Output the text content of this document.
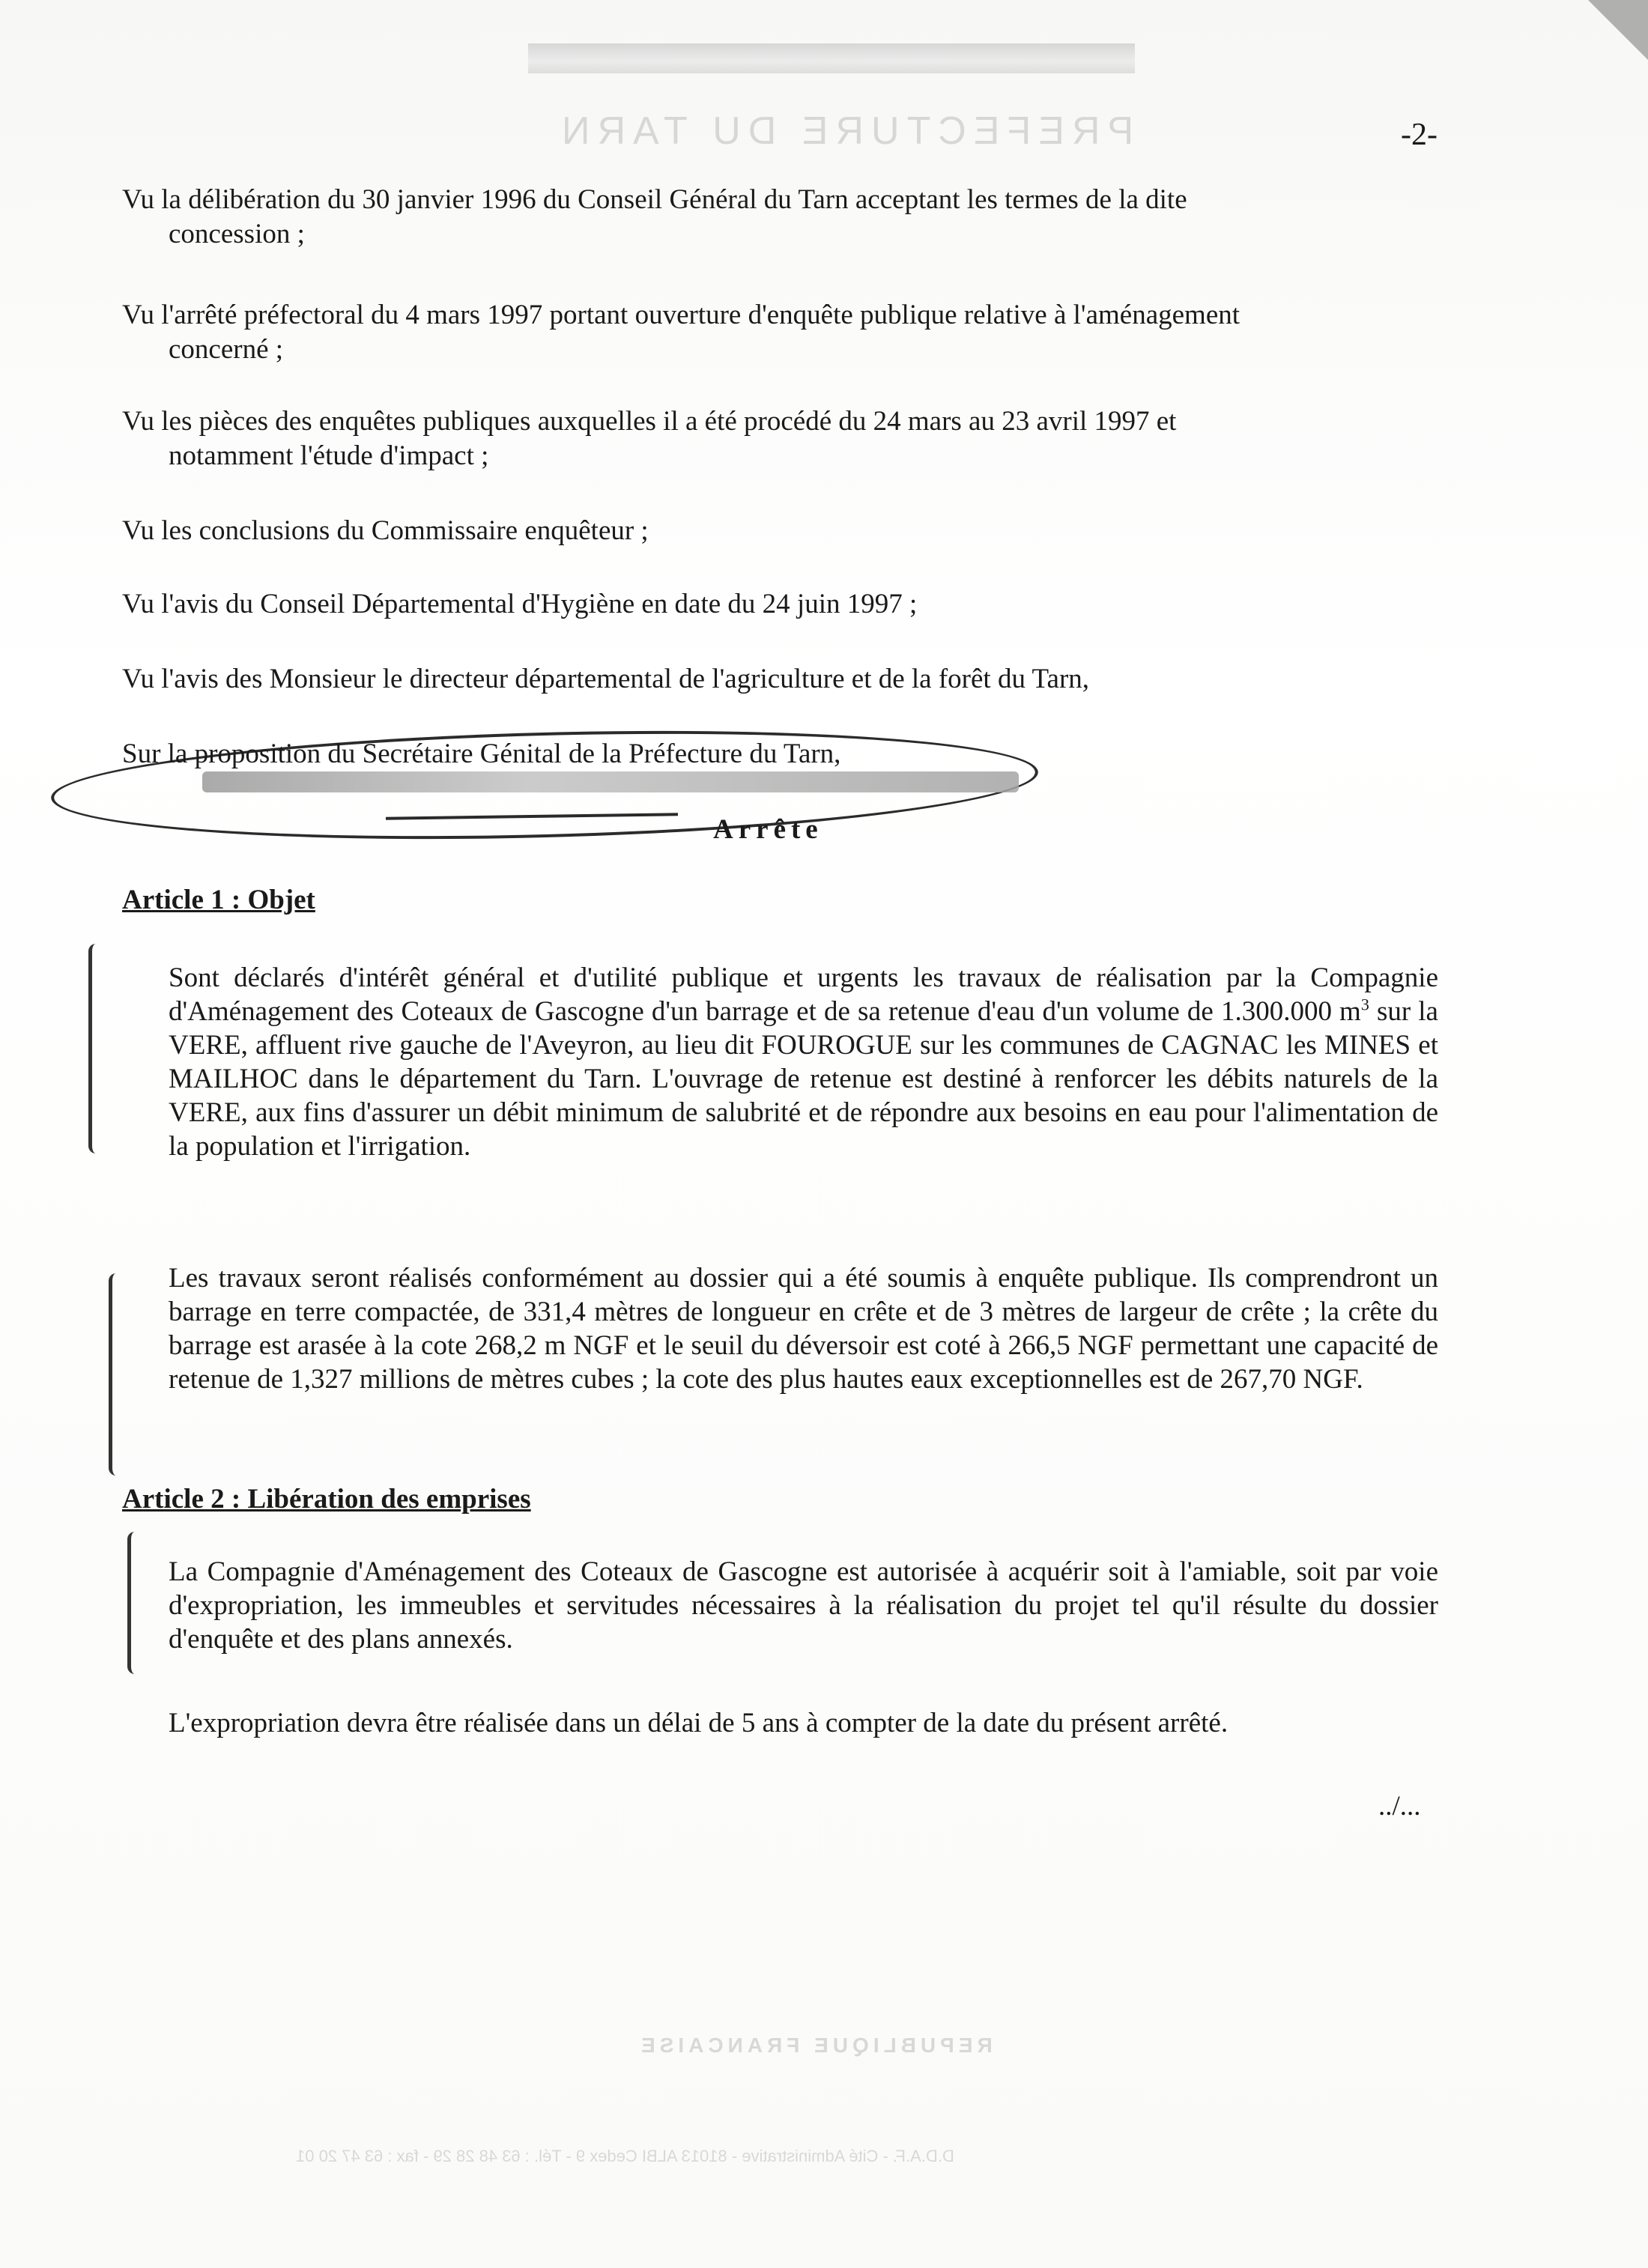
PREFECTURE DU TARN	-2-
Vu la délibération du 30 janvier 1996 du Conseil Général du Tarn acceptant les termes de la dite
concession ;
Vu l'arrêté préfectoral du 4 mars 1997 portant ouverture d'enquête publique relative à l'aménagement
concerné ;
Vu les pièces des enquêtes publiques auxquelles il a été procédé du 24 mars au 23 avril 1997 et
notamment l'étude d'impact ;
Vu les conclusions du Commissaire enquêteur ;
Vu l'avis du Conseil Départemental d'Hygiène en date du 24 juin 1997 ;
Vu l'avis des Monsieur le directeur départemental de l'agriculture et de la forêt du Tarn,
Sur la proposition du Secrétaire Génital de la Préfecture du Tarn,
Arrête
Article 1 : Objet
Sont déclarés d'intérêt général et d'utilité publique et urgents les travaux de réalisation par la Compagnie d'Aménagement des Coteaux de Gascogne d'un barrage et de sa retenue d'eau d'un volume de 1.300.000 $m^3$ sur la VERE, affluent rive gauche de l'Aveyron, au lieu dit FOUROGUE sur les communes de CAGNAC les MINES et MAILHOC dans le département du Tarn. L'ouvrage de retenue est destiné à renforcer les débits naturels de la VERE, aux fins d'assurer un débit minimum de salubrité et de répondre aux besoins en eau pour l'alimentation de la population et l'irrigation.
Les travaux seront réalisés conformément au dossier qui a été soumis à enquête publique. Ils comprendront un barrage en terre compactée, de 331,4 mètres de longueur en crête et de 3 mètres de largeur de crête ; la crête du barrage est arasée à la cote 268,2 m NGF et le seuil du déversoir est coté à 266,5 NGF permettant une capacité de retenue de 1,327 millions de mètres cubes ; la cote des plus hautes eaux exceptionnelles est de 267,70 NGF.
Article 2 : Libération des emprises
La Compagnie d'Aménagement des Coteaux de Gascogne est autorisée à acquérir soit à l'amiable, soit par voie d'expropriation, les immeubles et servitudes nécessaires à la réalisation du projet tel qu'il résulte du dossier d'enquête et des plans annexés.
L'expropriation devra être réalisée dans un délai de 5 ans à compter de la date du présent arrêté.
../...
REPUBLIQUE FRANCAISE
D.D.A.F. - Cité Administrative - 81013 ALBI Cedex 9 - Tél. : 63 48 28 29 - fax : 63 47 20 01
